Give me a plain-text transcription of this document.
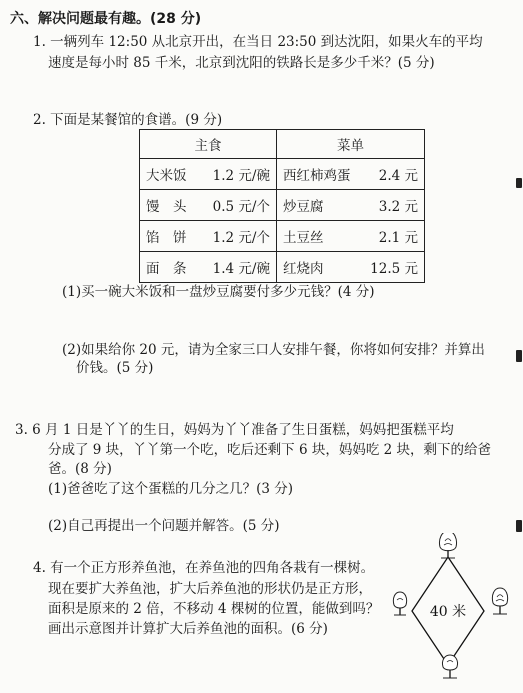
六、解决问题最有趣。(28 分)
1. 一辆列车 12:50 从北京开出，在当日 23:50 到达沈阳，如果火车的平均
速度是每小时 85 千米，北京到沈阳的铁路长是多少千米？(5 分)
2. 下面是某餐馆的食谱。(9 分)
主食	菜单

大米饭 1.2 元/碗	西红柿鸡蛋 2.4 元

馒　头 0.5 元/个	炒豆腐 3.2 元

馅　饼 1.2 元/个	土豆丝 2.1 元

面　条 1.4 元/碗	红烧肉 12.5 元
(1)买一碗大米饭和一盘炒豆腐要付多少元钱？(4 分)
(2)如果给你 20 元，请为全家三口人安排午餐，你将如何安排？并算出
价钱。(5 分)
3. 6 月 1 日是丫丫的生日，妈妈为丫丫准备了生日蛋糕，妈妈把蛋糕平均
分成了 9 块，丫丫第一个吃，吃后还剩下 6 块，妈妈吃 2 块，剩下的给爸
爸。(8 分)
(1)爸爸吃了这个蛋糕的几分之几？(3 分)
(2)自己再提出一个问题并解答。(5 分)
4. 有一个正方形养鱼池，在养鱼池的四角各栽有一棵树。
现在要扩大养鱼池，扩大后养鱼池的形状仍是正方形，
面积是原来的 2 倍，不移动 4 棵树的位置，能做到吗？
画出示意图并计算扩大后养鱼池的面积。(6 分)
40 米
